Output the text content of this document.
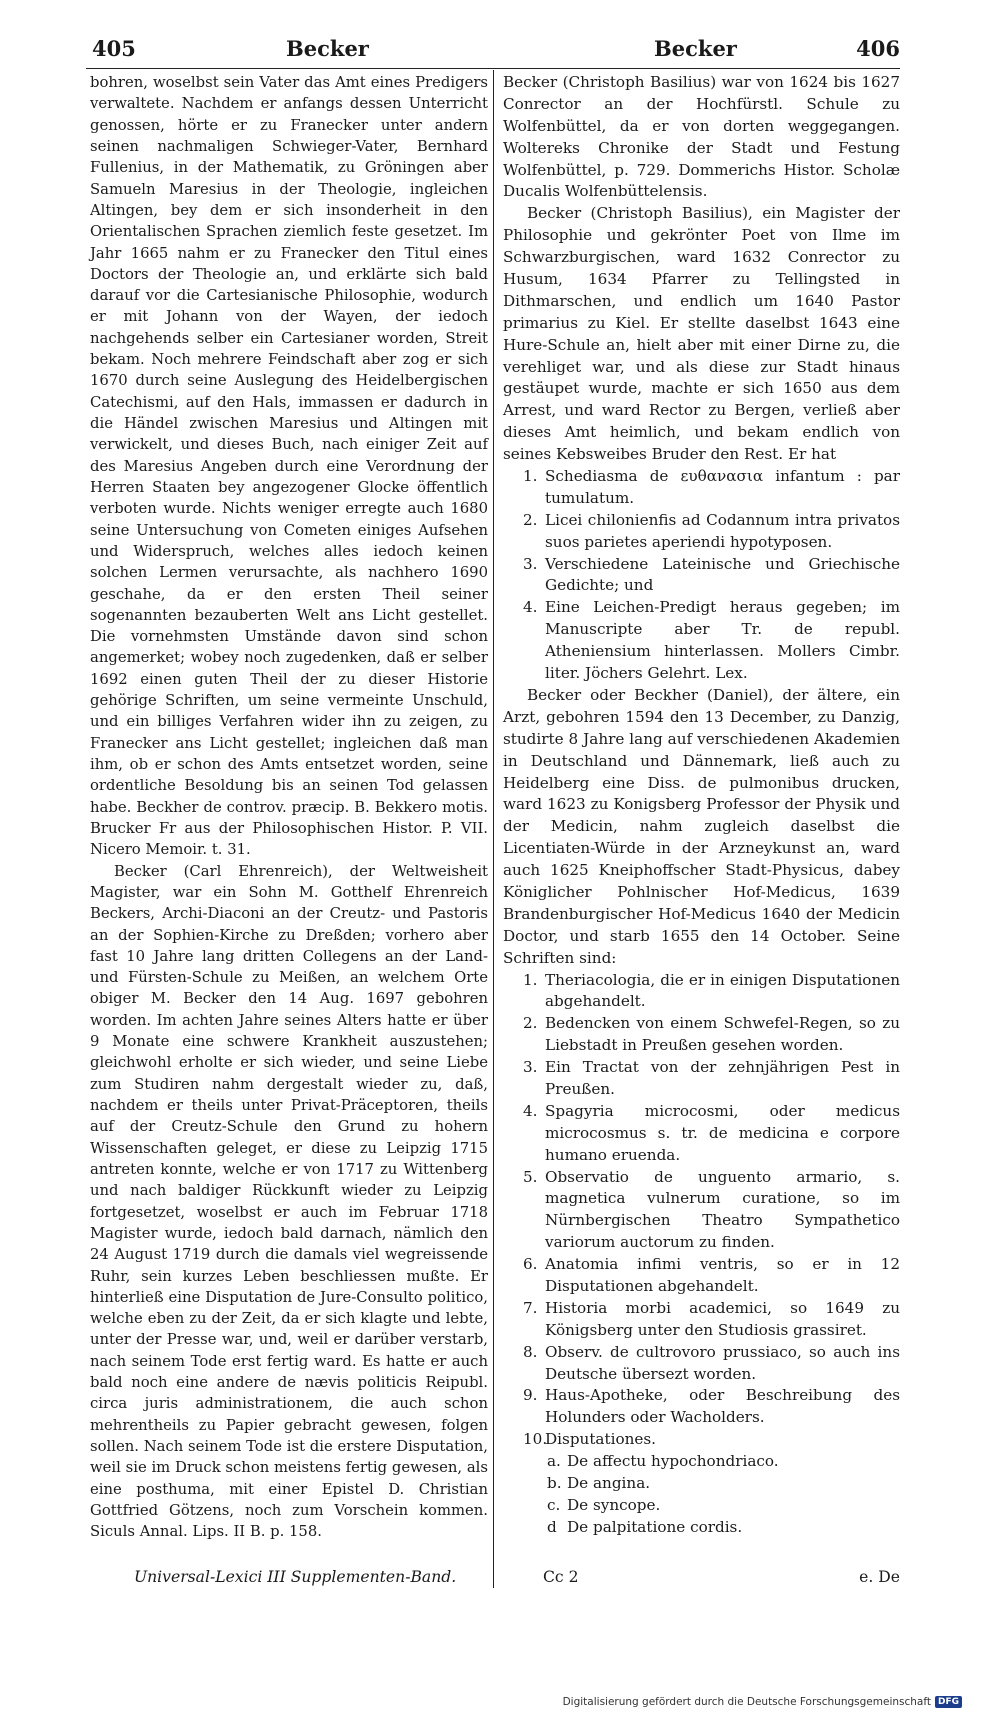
405	Becker	Becker	406

bohren, woselbst sein Vater das Amt eines Predigers verwaltete. Nachdem er anfangs dessen Unterricht genossen, hörte er zu Franecker unter andern seinen nachmaligen Schwieger-Vater, Bernhard Fullenius, in der Mathematik, zu Gröningen aber Samueln Maresius in der Theologie, ingleichen Altingen, bey dem er sich insonderheit in den Orientalischen Sprachen ziemlich feste gesetzet. Im Jahr 1665 nahm er zu Franecker den Titul eines Doctors der Theologie an, und erklärte sich bald darauf vor die Cartesianische Philosophie, wodurch er mit Johann von der Wayen, der iedoch nachgehends selber ein Cartesianer worden, Streit bekam. Noch mehrere Feindschaft aber zog er sich 1670 durch seine Auslegung des Heidelbergischen Catechismi, auf den Hals, immassen er dadurch in die Händel zwischen Maresius und Altingen mit verwickelt, und dieses Buch, nach einiger Zeit auf des Maresius Angeben durch eine Verordnung der Herren Staaten bey angezogener Glocke öffentlich verboten wurde. Nichts weniger erregte auch 1680 seine Untersuchung von Cometen einiges Aufsehen und Widerspruch, welches alles iedoch keinen solchen Lermen verursachte, als nachhero 1690 geschahe, da er den ersten Theil seiner sogenannten bezauberten Welt ans Licht gestellet. Die vornehmsten Umstände davon sind schon angemerket; wobey noch zugedenken, daß er selber 1692 einen guten Theil der zu dieser Historie gehörige Schriften, um seine vermeinte Unschuld, und ein billiges Verfahren wider ihn zu zeigen, zu Franecker ans Licht gestellet; ingleichen daß man ihm, ob er schon des Amts entsetzet worden, seine ordentliche Besoldung bis an seinen Tod gelassen habe. Beckher de controv. præcip. B. Bekkero motis. Brucker Fr aus der Philosophischen Histor. P. VII. Nicero Memoir. t. 31.

Becker (Carl Ehrenreich), der Weltweisheit Magister, war ein Sohn M. Gotthelf Ehrenreich Beckers, Archi-Diaconi an der Creutz- und Pastoris an der Sophien-Kirche zu Dreßden; vorhero aber fast 10 Jahre lang dritten Collegens an der Land- und Fürsten-Schule zu Meißen, an welchem Orte obiger M. Becker den 14 Aug. 1697 gebohren worden. Im achten Jahre seines Alters hatte er über 9 Monate eine schwere Krankheit auszustehen; gleichwohl erholte er sich wieder, und seine Liebe zum Studiren nahm dergestalt wieder zu, daß, nachdem er theils unter Privat-Präceptoren, theils auf der Creutz-Schule den Grund zu hohern Wissenschaften geleget, er diese zu Leipzig 1715 antreten konnte, welche er von 1717 zu Wittenberg und nach baldiger Rückkunft wieder zu Leipzig fortgesetzet, woselbst er auch im Februar 1718 Magister wurde, iedoch bald darnach, nämlich den 24 August 1719 durch die damals viel wegreissende Ruhr, sein kurzes Leben beschliessen mußte. Er hinterließ eine Disputation de Jure-Consulto politico, welche eben zu der Zeit, da er sich klagte und lebte, unter der Presse war, und, weil er darüber verstarb, nach seinem Tode erst fertig ward. Es hatte er auch bald noch eine andere de nævis politicis Reipubl. circa juris administrationem, die auch schon mehrentheils zu Papier gebracht gewesen, folgen sollen. Nach seinem Tode ist die erstere Disputation, weil sie im Druck schon meistens fertig gewesen, als eine posthuma, mit einer Epistel D. Christian Gottfried Götzens, noch zum Vorschein kommen. Siculs Annal. Lips. II B. p. 158.

Becker (Christoph Basilius) war von 1624 bis 1627 Conrector an der Hochfürstl. Schule zu Wolfenbüttel, da er von dorten weggegangen. Woltereks Chronike der Stadt und Festung Wolfenbüttel, p. 729. Dommerichs Histor. Scholæ Ducalis Wolfenbüttelensis.

Becker (Christoph Basilius), ein Magister der Philosophie und gekrönter Poet von Ilme im Schwarzburgischen, ward 1632 Conrector zu Husum, 1634 Pfarrer zu Tellingsted in Dithmarschen, und endlich um 1640 Pastor primarius zu Kiel. Er stellte daselbst 1643 eine Hure-Schule an, hielt aber mit einer Dirne zu, die verehliget war, und als diese zur Stadt hinaus gestäupet wurde, machte er sich 1650 aus dem Arrest, und ward Rector zu Bergen, verließ aber dieses Amt heimlich, und bekam endlich von seines Kebsweibes Bruder den Rest. Er hat

1. Schediasma de ευθανασια infantum : par tumulatum.
2. Licei chilonienfis ad Codannum intra privatos suos parietes aperiendi hypotyposen.
3. Verschiedene Lateinische und Griechische Gedichte; und
4. Eine Leichen-Predigt heraus gegeben; im Manuscripte aber Tr. de republ. Atheniensium hinterlassen. Mollers Cimbr. liter. Jöchers Gelehrt. Lex.

Becker oder Beckher (Daniel), der ältere, ein Arzt, gebohren 1594 den 13 December, zu Danzig, studirte 8 Jahre lang auf verschiedenen Akademien in Deutschland und Dännemark, ließ auch zu Heidelberg eine Diss. de pulmonibus drucken, ward 1623 zu Konigsberg Professor der Physik und der Medicin, nahm zugleich daselbst die Licentiaten-Würde in der Arzneykunst an, ward auch 1625 Kneiphoffscher Stadt-Physicus, dabey Königlicher Pohlnischer Hof-Medicus, 1639 Brandenburgischer Hof-Medicus 1640 der Medicin Doctor, und starb 1655 den 14 October. Seine Schriften sind:

1. Theriacologia, die er in einigen Disputationen abgehandelt.
2. Bedencken von einem Schwefel-Regen, so zu Liebstadt in Preußen gesehen worden.
3. Ein Tractat von der zehnjährigen Pest in Preußen.
4. Spagyria microcosmi, oder medicus microcosmus s. tr. de medicina e corpore humano eruenda.
5. Observatio de unguento armario, s. magnetica vulnerum curatione, so im Nürnbergischen Theatro Sympathetico variorum auctorum zu finden.
6. Anatomia infimi ventris, so er in 12 Disputationen abgehandelt.
7. Historia morbi academici, so 1649 zu Königsberg unter den Studiosis grassiret.
8. Observ. de cultrovoro prussiaco, so auch ins Deutsche übersezt worden.
9. Haus-Apotheke, oder Beschreibung des Holunders oder Wacholders.
10.
Disputationes.
a. De affectu hypochondriaco.
b. De angina.
c. De syncope.
d De palpitatione cordis.
Universal-Lexici III Supplementen-Band.	Cc 2	e. De
Digitalisierung gefördert durch die Deutsche Forschungsgemeinschaft DFG
